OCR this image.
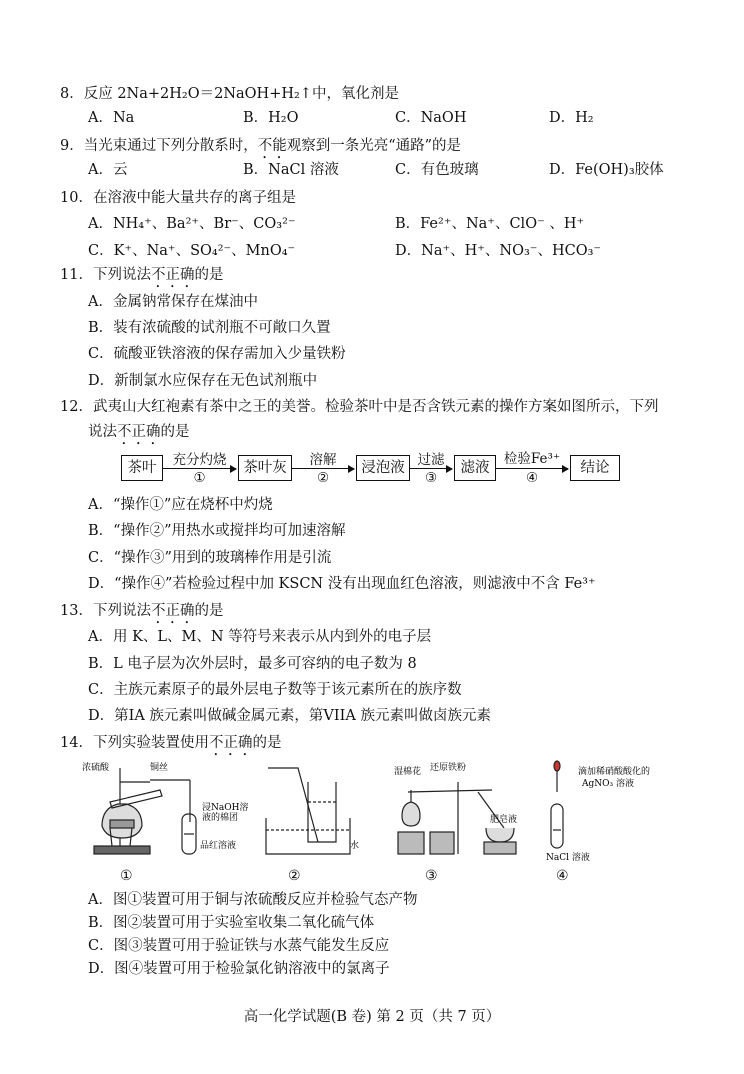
8．反应 2Na+2H₂O＝2NaOH+H₂↑中，氧化剂是
A．Na	B．H₂O	C．NaOH	D．H₂
9．当光束通过下列分散系时，不能观察到一条光亮“通路”的是
A．云	B．NaCl 溶液	C．有色玻璃	D．Fe(OH)₃胶体
10．在溶液中能大量共存的离子组是
A．NH₄⁺、Ba²⁺、Br⁻、CO₃²⁻	B．Fe²⁺、Na⁺、ClO⁻ 、H⁺
C．K⁺、Na⁺、SO₄²⁻、MnO₄⁻	D．Na⁺、H⁺、NO₃⁻、HCO₃⁻
11．下列说法不正确的是
A．金属钠常保存在煤油中
B．装有浓硫酸的试剂瓶不可敞口久置
C．硫酸亚铁溶液的保存需加入少量铁粉
D．新制氯水应保存在无色试剂瓶中
12．武夷山大红袍素有茶中之王的美誉。检验茶叶中是否含铁元素的操作方案如图所示，下列
说法不正确的是
茶叶	茶叶灰	浸泡液	滤液	结论
充分灼烧	溶解	过滤	检验Fe³⁺
①	②	③	④
A．“操作①”应在烧杯中灼烧
B．“操作②”用热水或搅拌均可加速溶解
C．“操作③”用到的玻璃棒作用是引流
D．“操作④”若检验过程中加 KSCN 没有出现血红色溶液，则滤液中不含 Fe³⁺
13．下列说法不正确的是
A．用 K、L、M、N 等符号来表示从内到外的电子层
B．L 电子层为次外层时，最多可容纳的电子数为 8
C．主族元素原子的最外层电子数等于该元素所在的族序数
D．第IA 族元素叫做碱金属元素，第VIIA 族元素叫做卤族元素
14．下列实验装置使用不正确的是
浓硫酸	铜丝
浸NaOH溶
液的棉团
品红溶液	水
湿棉花 还原铁粉
肥皂液
滴加稀硝酸酸化的
AgNO₃ 溶液
NaCl 溶液
①	②	③	④
A．图①装置可用于铜与浓硫酸反应并检验气态产物
B．图②装置可用于实验室收集二氧化硫气体
C．图③装置可用于验证铁与水蒸气能发生反应
D．图④装置可用于检验氯化钠溶液中的氯离子
高一化学试题(B 卷) 第 2 页（共 7 页）
